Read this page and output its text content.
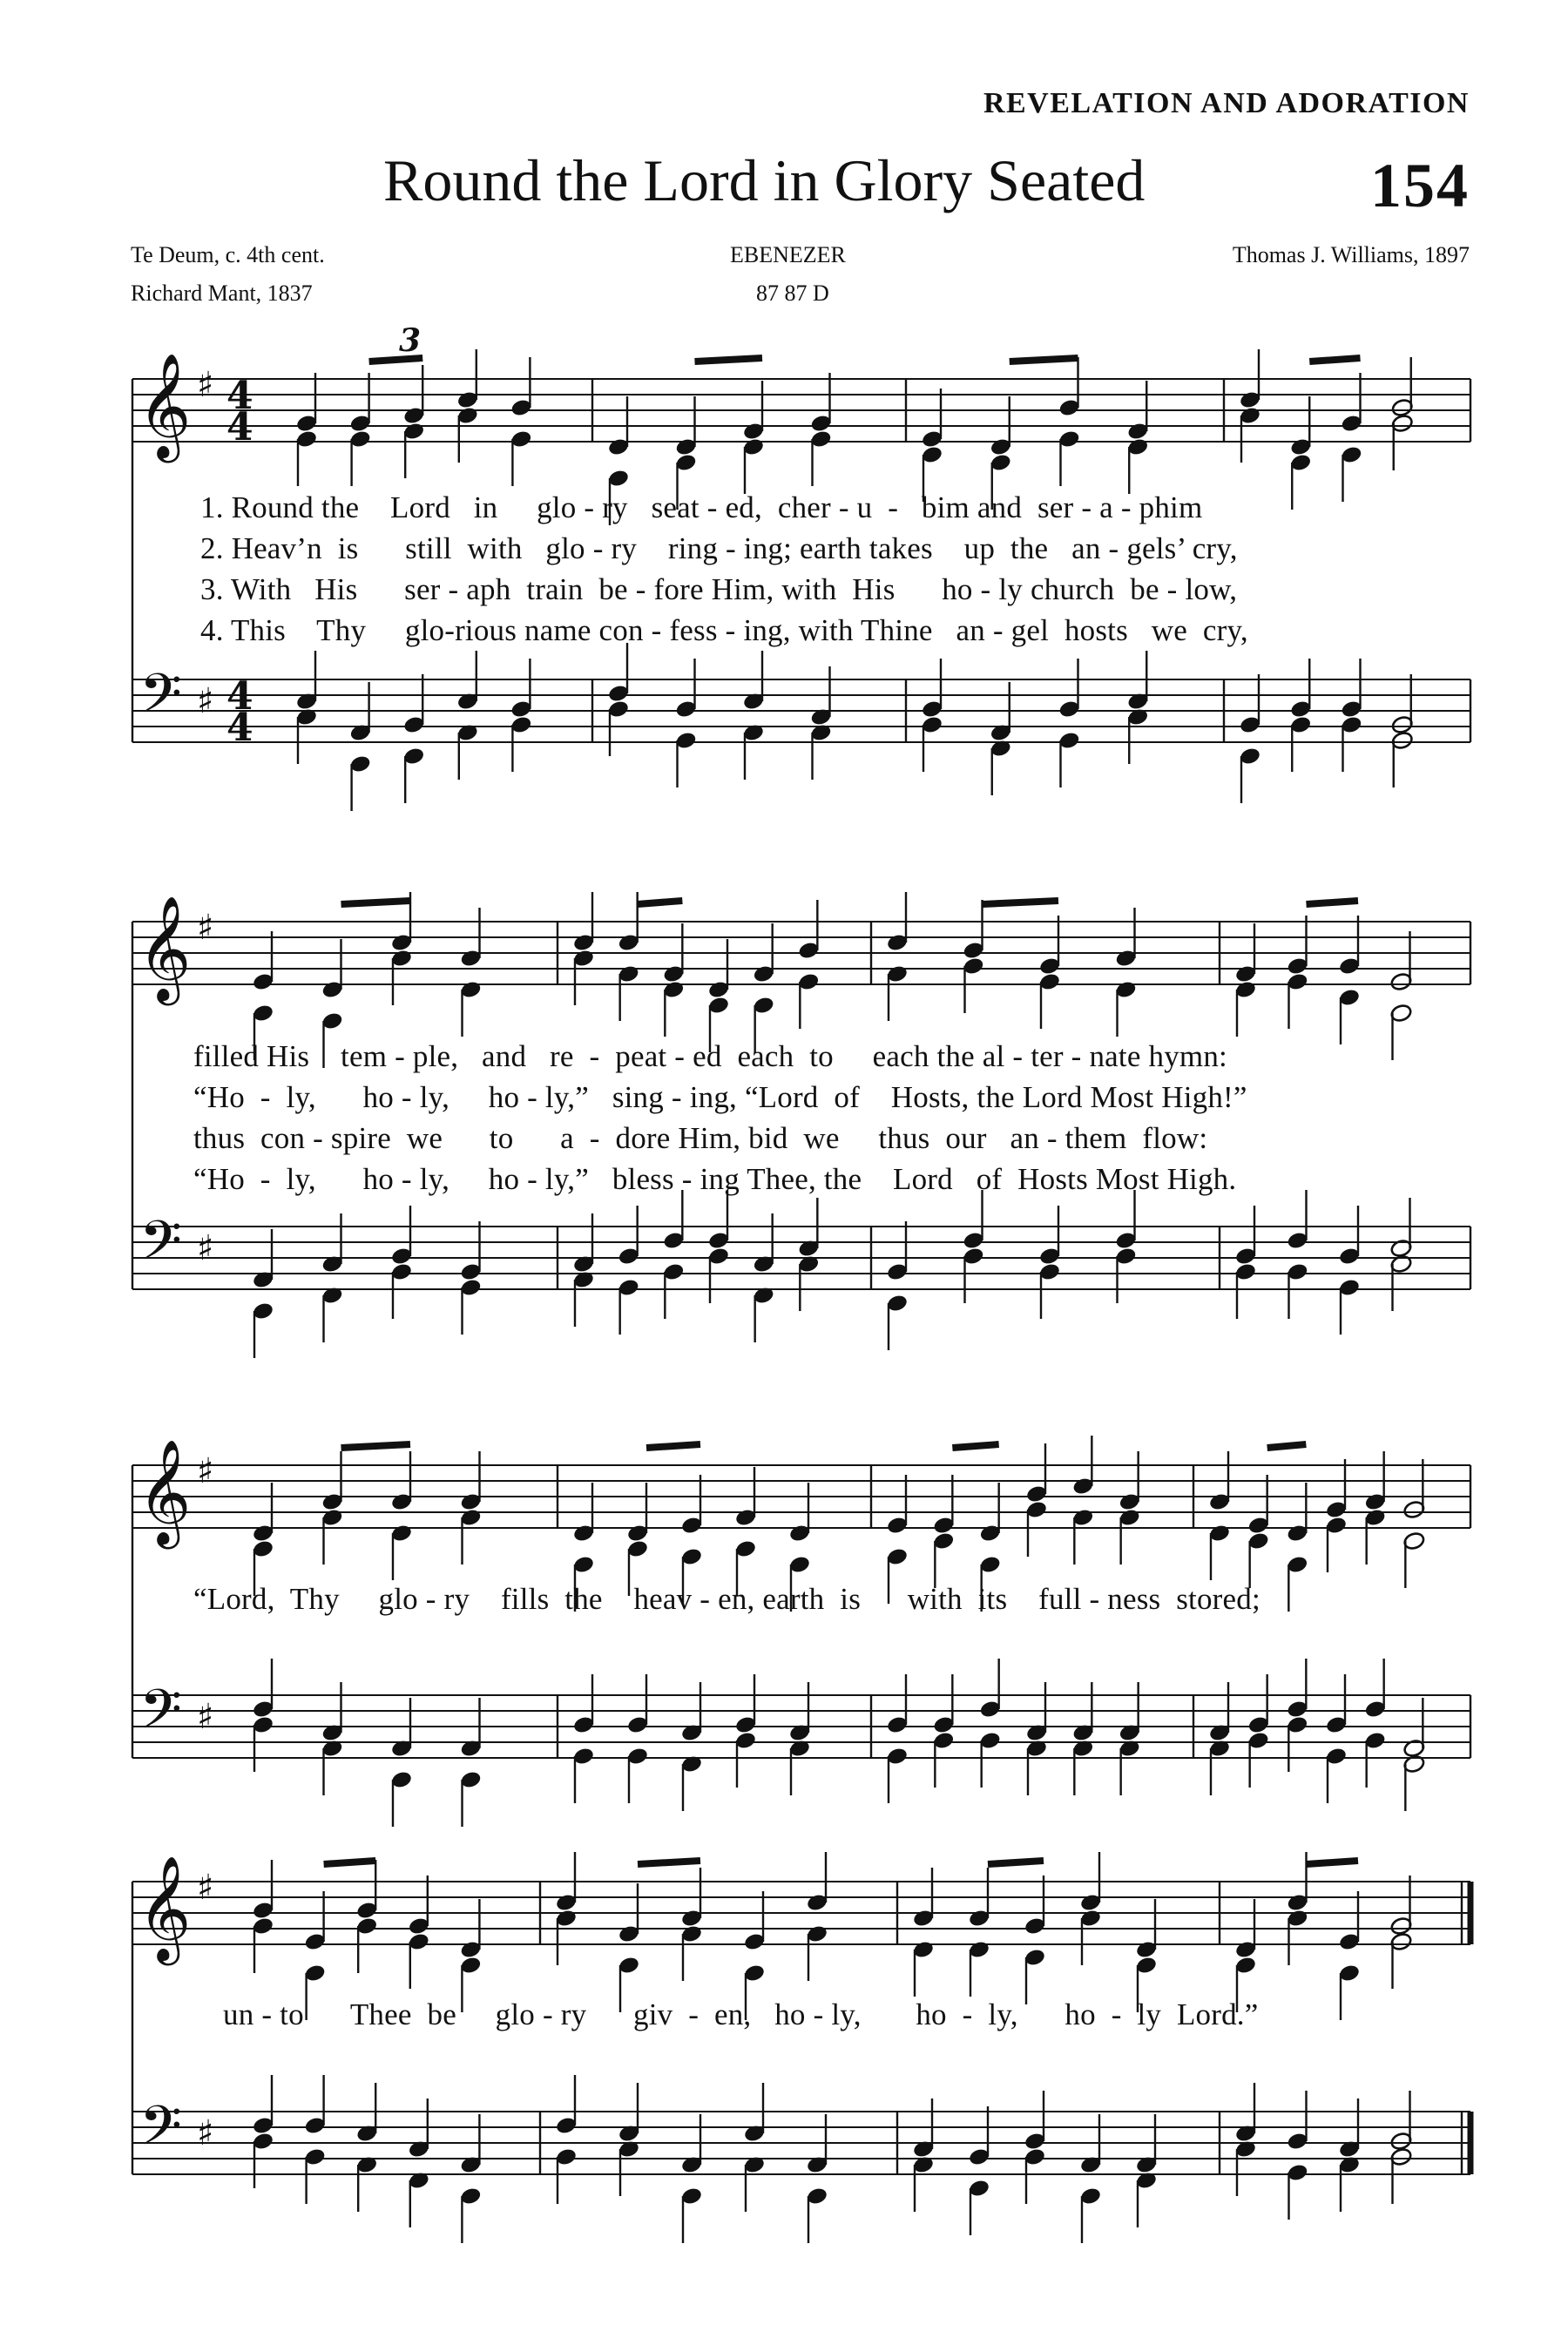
REVELATION AND ADORATION
Round the Lord in Glory Seated	154
Te Deum, c. 4th cent.
Richard Mant, 1837
EBENEZER
87 87 D
Thomas J. Williams, 1897
𝄞
𝄢
♯
♯
4
4
4
4
𝄞
𝄢
♯
♯
𝄞
𝄢
♯
♯
𝄞
𝄢
♯
♯
3
1. Round the    Lord   in     glo - ry   seat - ed,  cher - u  -   bim and  ser - a - phim
2. Heav’n  is      still  with   glo - ry    ring - ing; earth takes    up  the   an - gels’ cry,
3. With   His      ser - aph  train  be - fore Him, with  His      ho - ly church  be - low,
4. This    Thy     glo-rious name con - fess - ing, with Thine   an - gel  hosts   we  cry,
filled His    tem - ple,   and   re  -  peat - ed  each  to     each the al - ter - nate hymn:
“Ho  -  ly,      ho - ly,     ho - ly,”   sing - ing, “Lord  of    Hosts, the Lord Most High!”
thus  con - spire  we      to      a  -  dore Him, bid  we     thus  our   an - them  flow:
“Ho  -  ly,      ho - ly,     ho - ly,”   bless - ing Thee, the    Lord   of  Hosts Most High.
“Lord,  Thy     glo - ry    fills  the    heav - en, earth  is      with  its    full - ness  stored;
un - to      Thee  be     glo - ry      giv  -  en,   ho - ly,       ho  -  ly,      ho  -  ly  Lord.”
